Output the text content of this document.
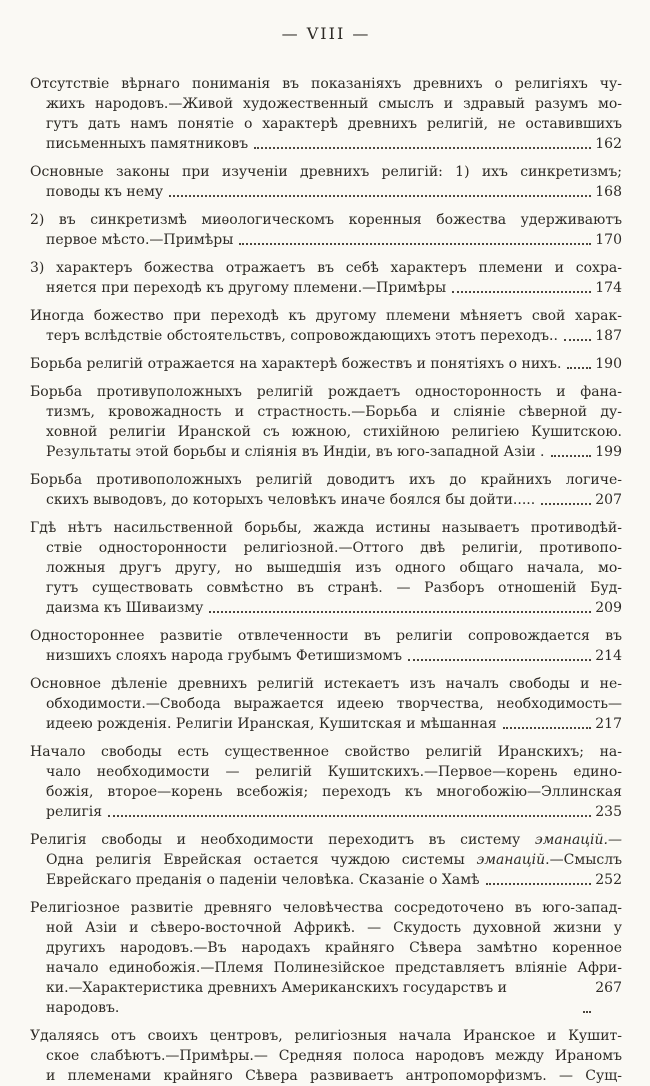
— VIII —
Отсутствіе вѣрнаго пониманія въ показаніяхъ древнихъ о религіяхъ чу-
жихъ народовъ.—Живой художественный смыслъ и здравый разумъ мо-
гутъ дать намъ понятіе о характерѣ древнихъ религій, не оставившихъ
письменныхъ памятниковъ	162
Основные законы при изученіи древнихъ религій: 1) ихъ синкретизмъ;
поводы къ нему	168
2) въ синкретизмѣ миѳологическомъ коренныя божества удерживаютъ
первое мѣсто.—Примѣры	170
3) характеръ божества отражаетъ въ себѣ характеръ племени и сохра-
няется при переходѣ къ другому племени.—Примѣры	174
Иногда божество при переходѣ къ другому племени мѣняетъ свой харак-
теръ вслѣдствіе обстоятельствъ, сопровождающихъ этотъ переходъ..	187
Борьба религій отражается на характерѣ божествъ и понятіяхъ о нихъ. 190
Борьба противуположныхъ религій рождаетъ односторонность и фана-
тизмъ, кровожадность и страстность.—Борьба и сліяніе сѣверной ду-
ховной религіи Иранской съ южною, стихійною религіею Кушитскою.
Результаты этой борьбы и сліянія въ Индіи, въ юго-западной Азіи .	199
Борьба противоположныхъ религій доводитъ ихъ до крайнихъ логиче-
скихъ выводовъ, до которыхъ человѣкъ иначе боялся бы дойти.....	207
Гдѣ нѣтъ насильственной борьбы, жажда истины называетъ противодѣй-
ствіе односторонности религіозной.—Оттого двѣ религіи, противопо-
ложныя другъ другу, но вышедшія изъ одного общаго начала, мо-
гутъ существовать совмѣстно въ странѣ. — Разборъ отношеній Буд-
даизма къ Шиваизму	209
Одностороннее развитіе отвлеченности въ религіи сопровождается въ
низшихъ слояхъ народа грубымъ Фетишизмомъ	214
Основное дѣленіе древнихъ религій истекаетъ изъ началъ свободы и не-
обходимости.—Свобода выражается идеею творчества, необходимость—
идеею рожденія. Религіи Иранская, Кушитская и мѣшанная	217
Начало свободы есть существенное свойство религій Иранскихъ; на-
чало необходимости — религій Кушитскихъ.—Первое—корень едино-
божія, второе—корень всебожія; переходъ къ многобожію—Эллинская
религія	235
Религія свободы и необходимости переходитъ въ систему эманацій.—
Одна религія Еврейская остается чуждою системы эманацій.—Смыслъ
Еврейскаго преданія о паденіи человѣка. Сказаніе о Хамѣ	252
Религіозное развитіе древняго человѣчества сосредоточено въ юго-запад-
ной Азіи и сѣверо-восточной Африкѣ. — Скудость духовной жизни у
другихъ народовъ.—Въ народахъ крайняго Сѣвера замѣтно коренное
начало единобожія.—Племя Полинезійское представляетъ вліяніе Афри-
ки.—Характеристика древнихъ Американскихъ государствъ и народовъ.
267
Удаляясь отъ своихъ центровъ, религіозныя начала Иранское и Кушит-
ское слабѣютъ.—Примѣры.— Средняя полоса народовъ между Ираномъ
и племенами крайняго Сѣвера развиваетъ антропоморфизмъ. — Сущ-
